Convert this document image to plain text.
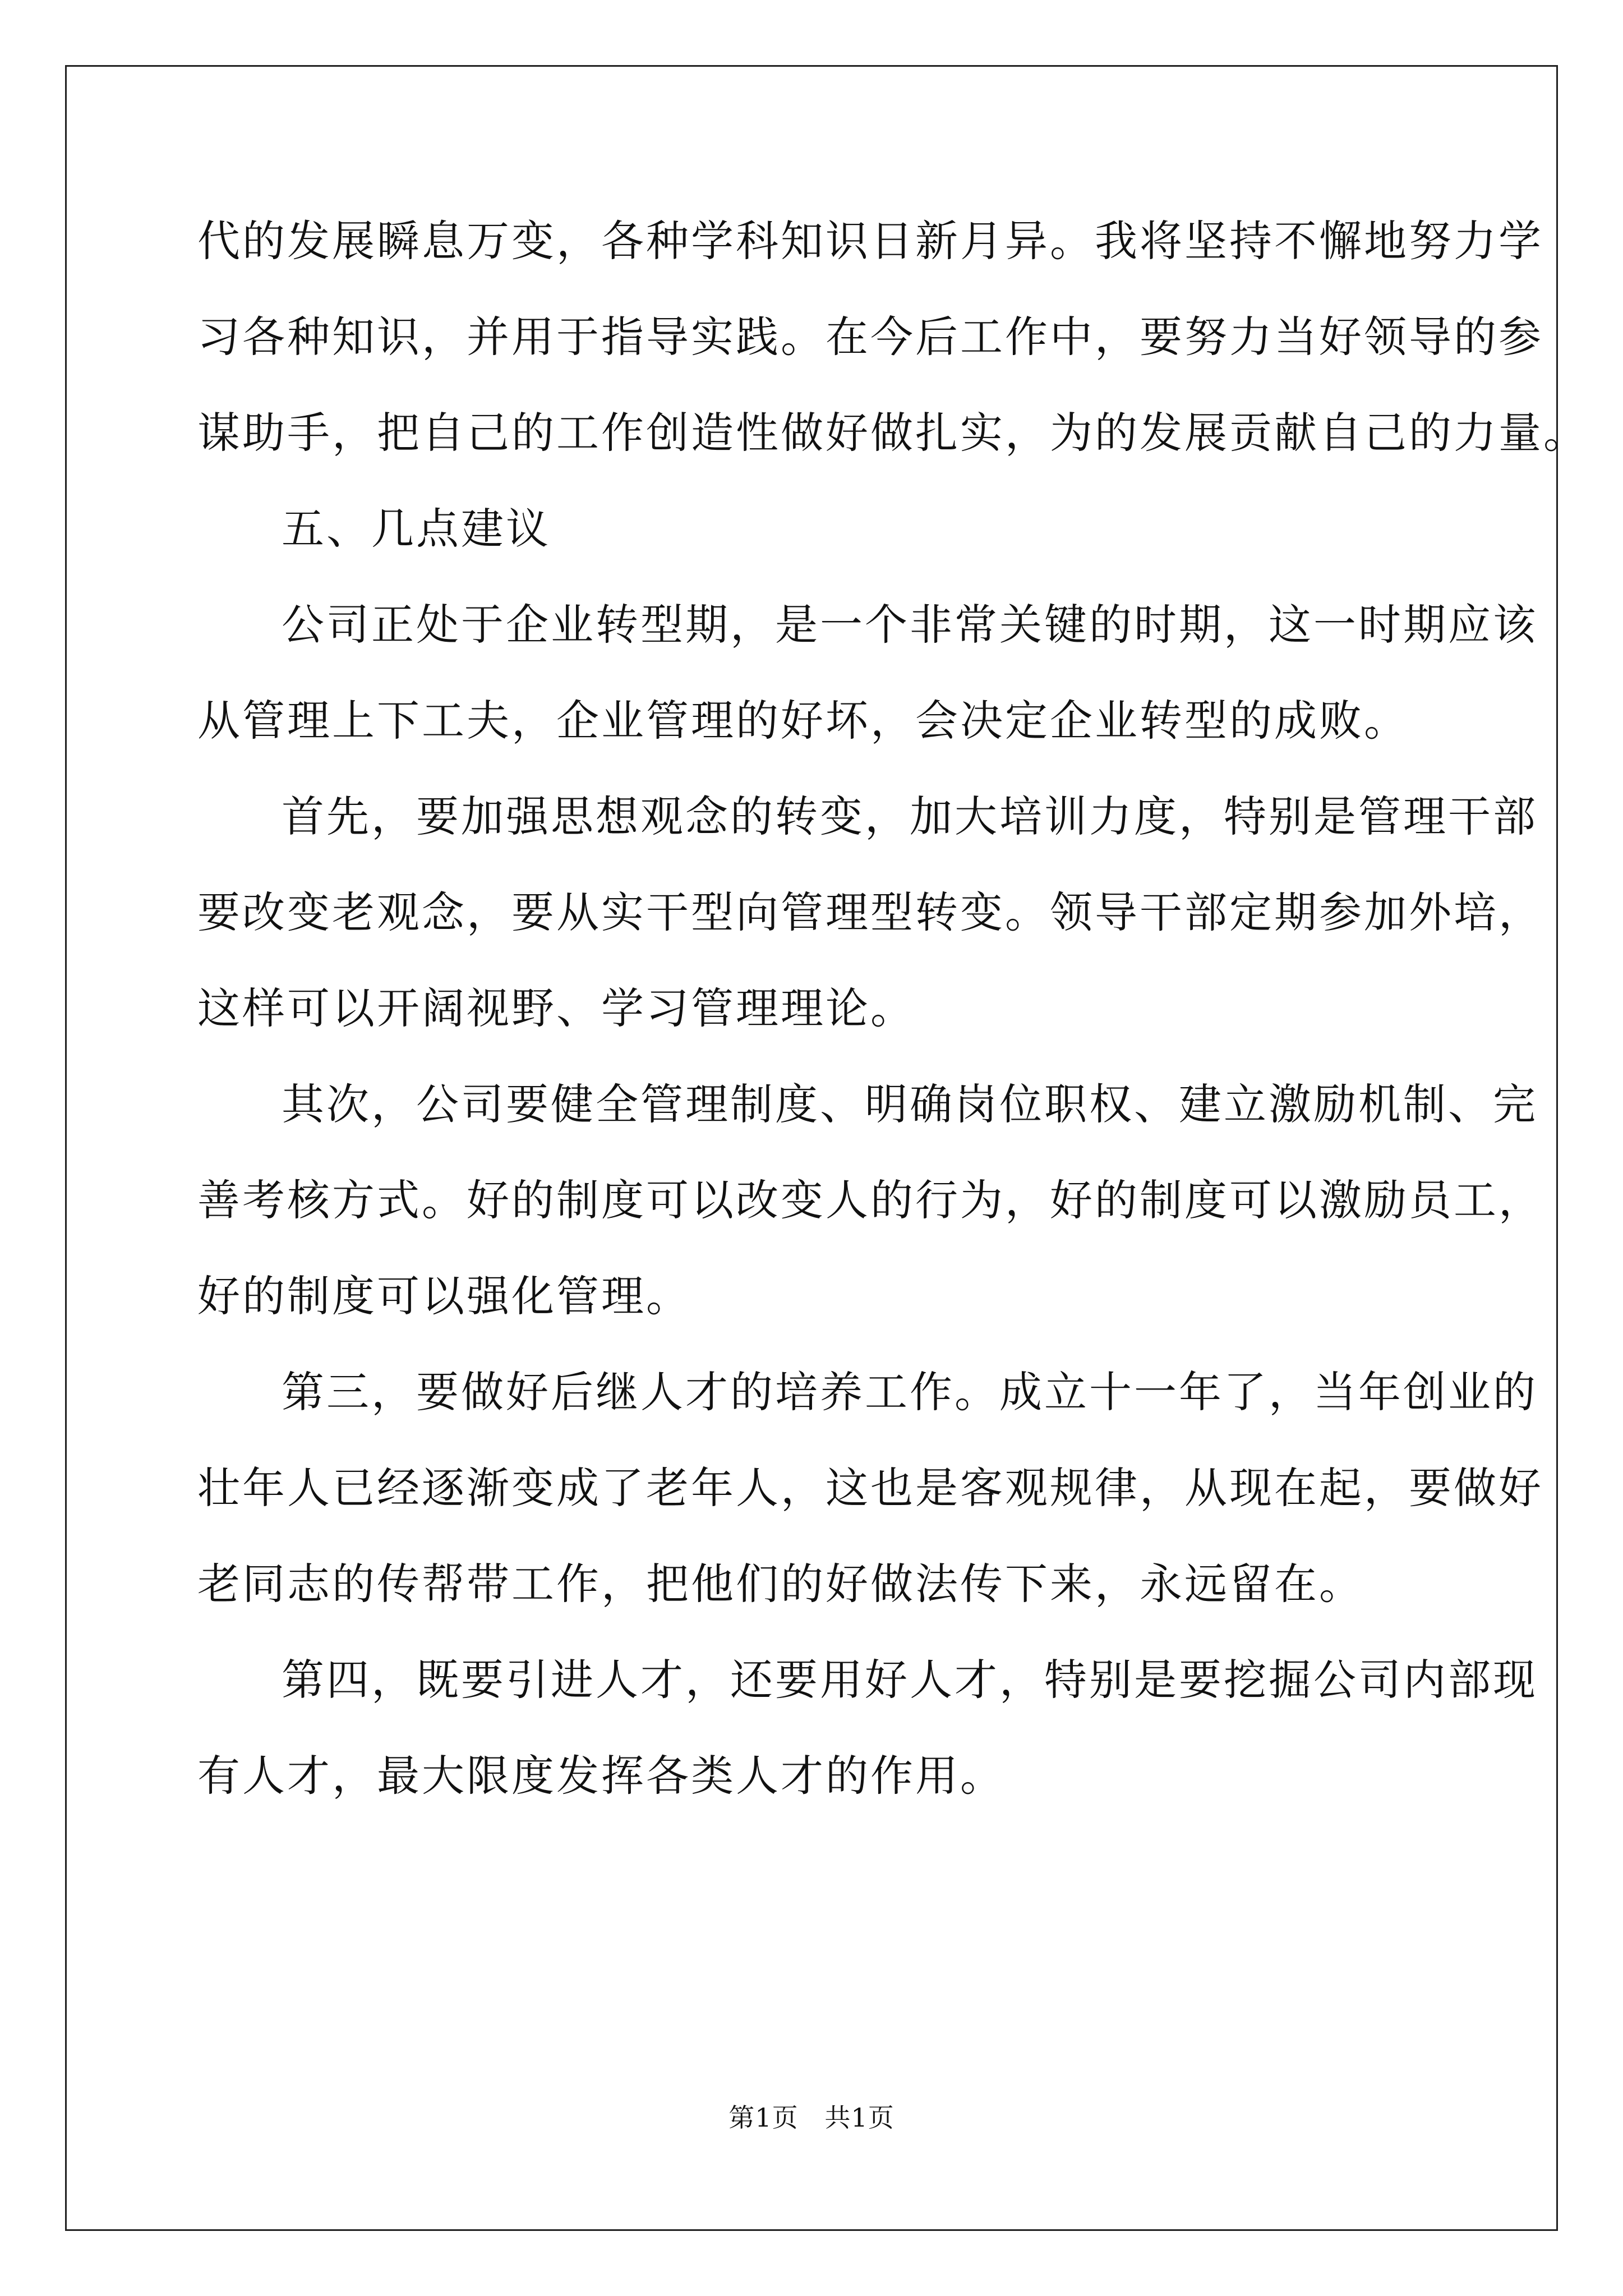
代的发展瞬息万变，各种学科知识日新月异。我将坚持不懈地努力学
习各种知识，并用于指导实践。在今后工作中，要努力当好领导的参
谋助手，把自己的工作创造性做好做扎实，为的发展贡献自己的力量。
五、几点建议
公司正处于企业转型期，是一个非常关键的时期，这一时期应该
从管理上下工夫，企业管理的好坏，会决定企业转型的成败。
首先，要加强思想观念的转变，加大培训力度，特别是管理干部
要改变老观念，要从实干型向管理型转变。领导干部定期参加外培，
这样可以开阔视野、学习管理理论。
其次，公司要健全管理制度、明确岗位职权、建立激励机制、完
善考核方式。好的制度可以改变人的行为，好的制度可以激励员工，
好的制度可以强化管理。
第三，要做好后继人才的培养工作。成立十一年了，当年创业的
壮年人已经逐渐变成了老年人，这也是客观规律，从现在起，要做好
老同志的传帮带工作，把他们的好做法传下来，永远留在。
第四，既要引进人才，还要用好人才，特别是要挖掘公司内部现
有人才，最大限度发挥各类人才的作用。
第1页   共1页
